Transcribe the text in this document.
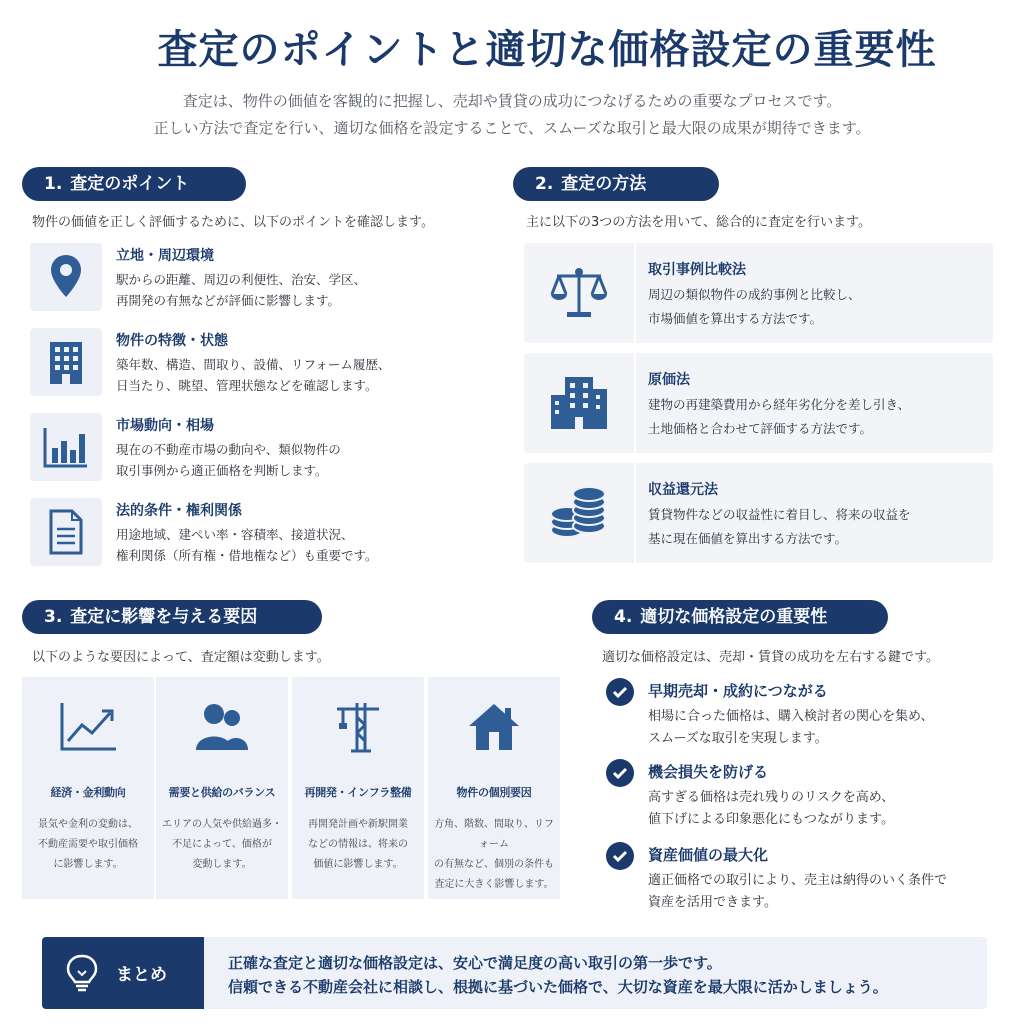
査定のポイントと適切な価格設定の重要性
査定は、物件の価値を客観的に把握し、売却や賃貸の成功につなげるための重要なプロセスです。
正しい方法で査定を行い、適切な価格を設定することで、スムーズな取引と最大限の成果が期待できます。
1. 査定のポイント
物件の価値を正しく評価するために、以下のポイントを確認します。
立地・周辺環境
駅からの距離、周辺の利便性、治安、学区、
再開発の有無などが評価に影響します。
物件の特徴・状態
築年数、構造、間取り、設備、リフォーム履歴、
日当たり、眺望、管理状態などを確認します。
市場動向・相場
現在の不動産市場の動向や、類似物件の
取引事例から適正価格を判断します。
法的条件・権利関係
用途地域、建ぺい率・容積率、接道状況、
権利関係（所有権・借地権など）も重要です。
2. 査定の方法
主に以下の3つの方法を用いて、総合的に査定を行います。
取引事例比較法
周辺の類似物件の成約事例と比較し、
市場価値を算出する方法です。
原価法
建物の再建築費用から経年劣化分を差し引き、
土地価格と合わせて評価する方法です。
収益還元法
賃貸物件などの収益性に着目し、将来の収益を
基に現在価値を算出する方法です。
3. 査定に影響を与える要因
以下のような要因によって、査定額は変動します。
経済・金利動向
景気や金利の変動は、
不動産需要や取引価格
に影響します。
需要と供給のバランス
エリアの人気や供給過多・
不足によって、価格が
変動します。
再開発・インフラ整備
再開発計画や新駅開業
などの情報は、将来の
価値に影響します。
物件の個別要因
方角、階数、間取り、リフォーム
の有無など、個別の条件も
査定に大きく影響します。
4. 適切な価格設定の重要性
適切な価格設定は、売却・賃貸の成功を左右する鍵です。
早期売却・成約につながる
相場に合った価格は、購入検討者の関心を集め、
スムーズな取引を実現します。
機会損失を防げる
高すぎる価格は売れ残りのリスクを高め、
値下げによる印象悪化にもつながります。
資産価値の最大化
適正価格での取引により、売主は納得のいく条件で
資産を活用できます。
まとめ
正確な査定と適切な価格設定は、安心で満足度の高い取引の第一歩です。
信頼できる不動産会社に相談し、根拠に基づいた価格で、大切な資産を最大限に活かしましょう。
